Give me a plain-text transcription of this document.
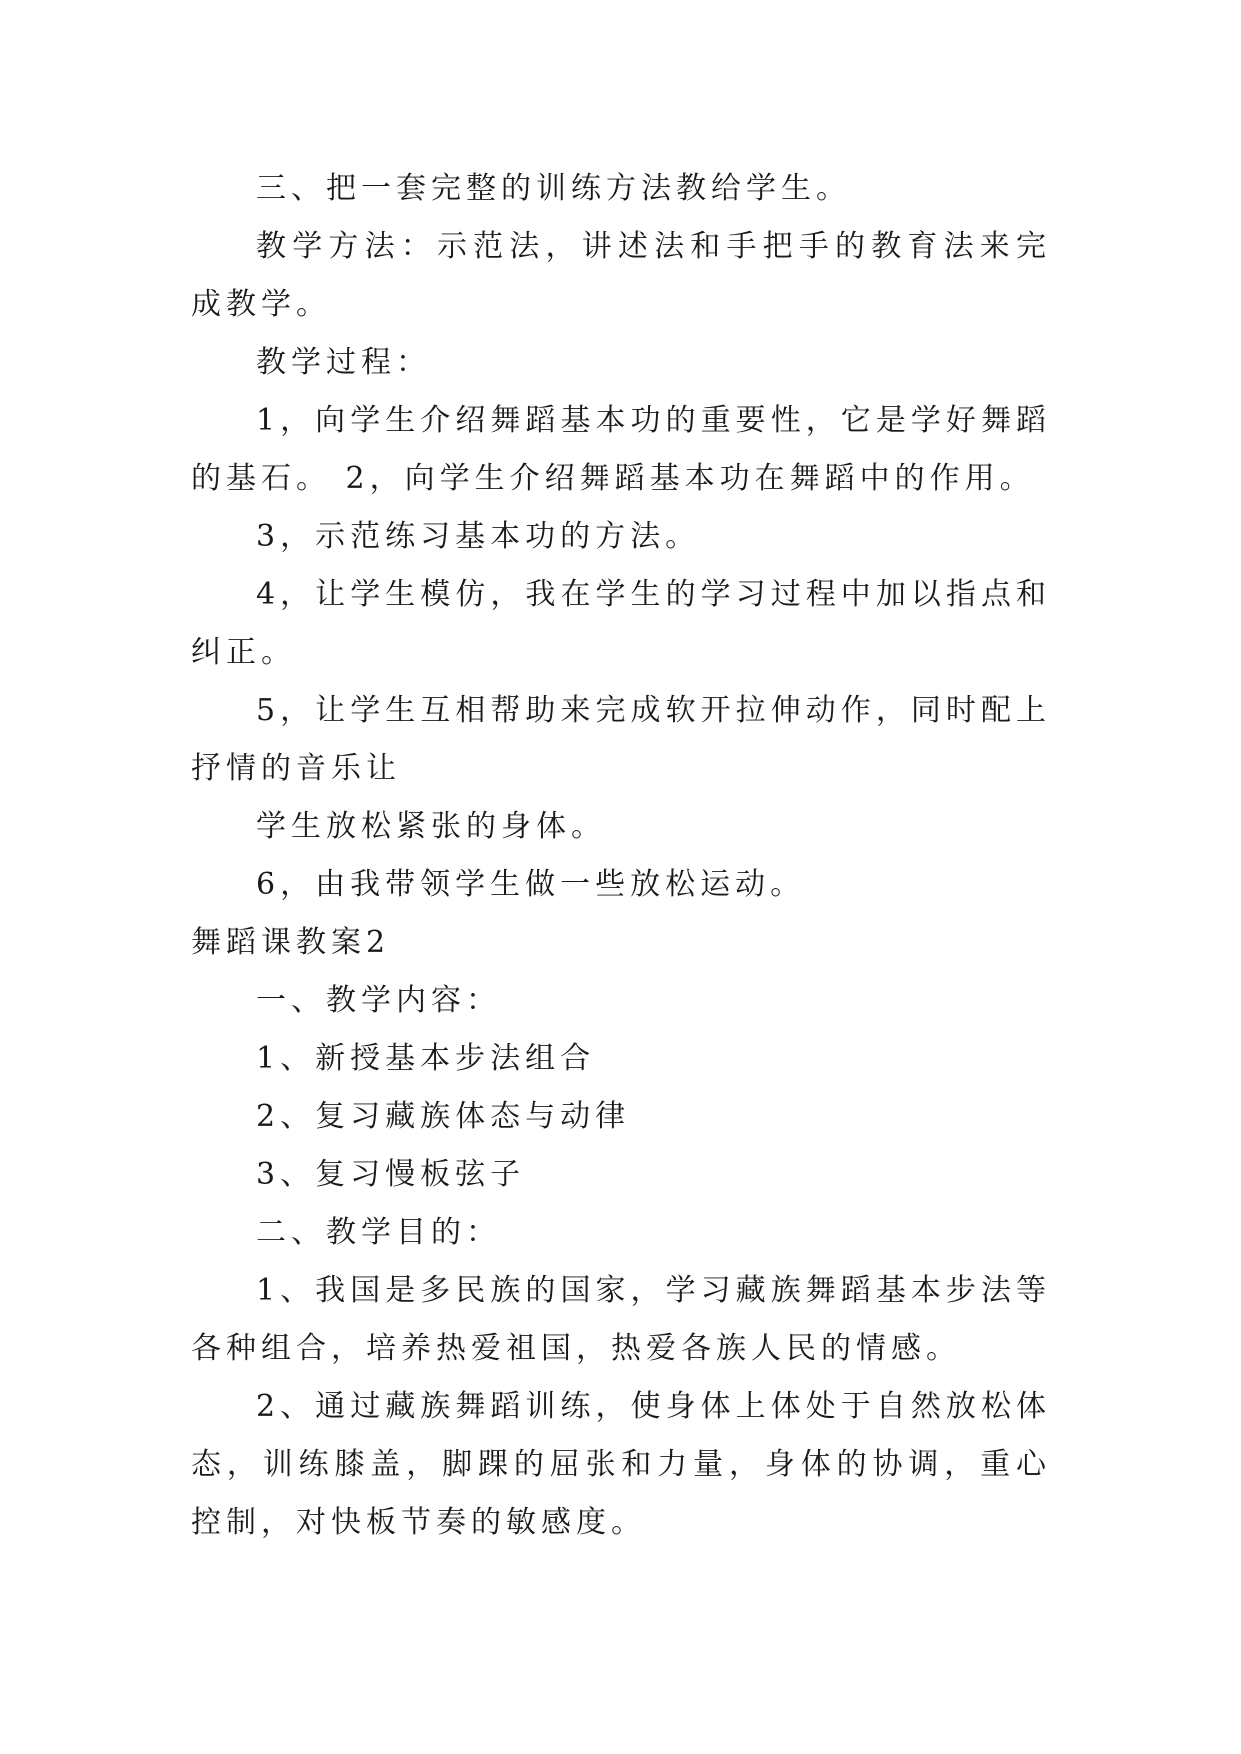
三、把一套完整的训练方法教给学生。

教学方法：示范法，讲述法和手把手的教育法来完成教学。

教学过程：

1，向学生介绍舞蹈基本功的重要性，它是学好舞蹈的基石。 2，向学生介绍舞蹈基本功在舞蹈中的作用。

3，示范练习基本功的方法。

4，让学生模仿，我在学生的学习过程中加以指点和纠正。

5，让学生互相帮助来完成软开拉伸动作，同时配上抒情的音乐让

学生放松紧张的身体。

6，由我带领学生做一些放松运动。

舞蹈课教案2

一、教学内容：

1、新授基本步法组合

2、复习藏族体态与动律

3、复习慢板弦子

二、教学目的：

1、我国是多民族的国家，学习藏族舞蹈基本步法等各种组合，培养热爱祖国，热爱各族人民的情感。

2、通过藏族舞蹈训练，使身体上体处于自然放松体态，训练膝盖，脚踝的屈张和力量，身体的协调，重心控制，对快板节奏的敏感度。
